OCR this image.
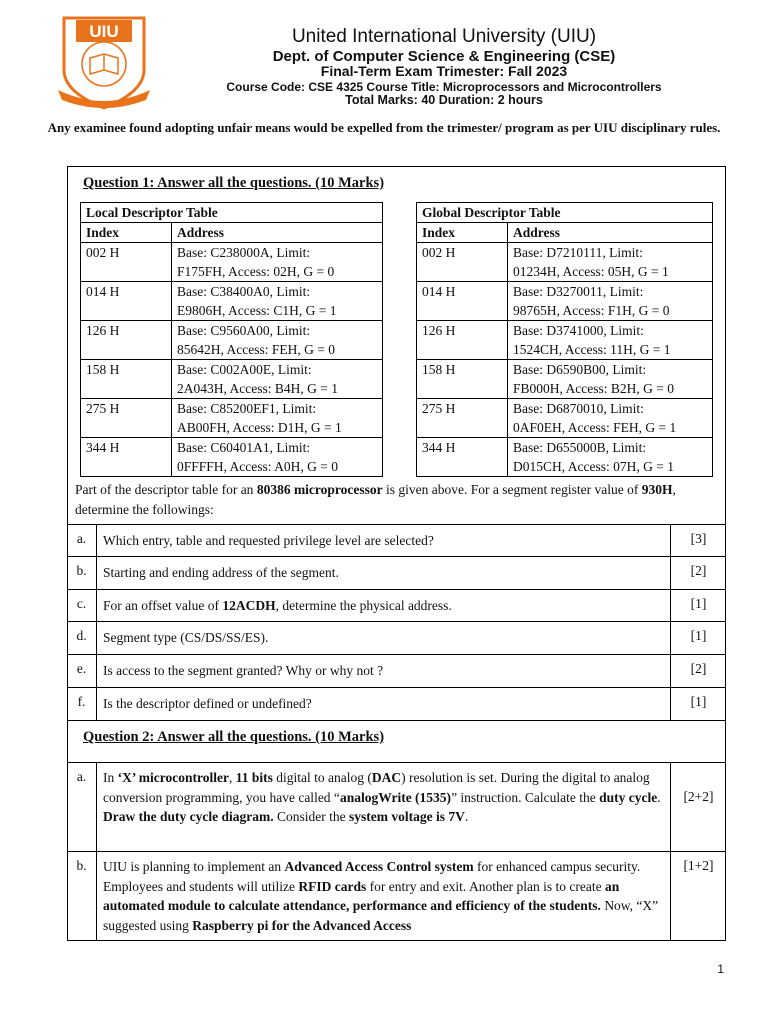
UIU	United International University (UIU)
Dept. of Computer Science & Engineering (CSE)
Final-Term Exam Trimester: Fall 2023
Course Code: CSE 4325 Course Title: Microprocessors and Microcontrollers
Total Marks: 40 Duration: 2 hours
Any examinee found adopting unfair means would be expelled from the trimester/ program as per UIU disciplinary rules.
Question 1: Answer all the questions. (10 Marks)
Local Descriptor Table	
Index	Address
002 H	Base: C238000A, Limit:
F175FH, Access: 02H, G = 0

014 H	Base: C38400A0, Limit:
E9806H, Access: C1H, G = 1

126 H	Base: C9560A00, Limit:
85642H, Access: FEH, G = 0

158 H	Base: C002A00E, Limit:
2A043H, Access: B4H, G = 1

275 H	Base: C85200EF1, Limit:
AB00FH, Access: D1H, G = 1

344 H	Base: C60401A1, Limit:
0FFFFH, Access: A0H, G = 0
Global Descriptor Table	
Index	Address
002 H	Base: D7210111, Limit:
01234H, Access: 05H, G = 1

014 H	Base: D3270011, Limit:
98765H, Access: F1H, G = 0

126 H	Base: D3741000, Limit:
1524CH, Access: 11H, G = 1

158 H	Base: D6590B00, Limit:
FB000H, Access: B2H, G = 0

275 H	Base: D6870010, Limit:
0AF0EH, Access: FEH, G = 1

344 H	Base: D655000B, Limit:
D015CH, Access: 07H, G = 1
Part of the descriptor table for an 80386 microprocessor is given above. For a segment register value of 930H, determine the followings:
a.	Which entry, table and requested privilege level are selected?	[3]
b.	Starting and ending address of the segment.	[2]
c.	For an offset value of 12ACDH, determine the physical address.	[1]
d.	Segment type (CS/DS/SS/ES).	[1]
e.	Is access to the segment granted? Why or why not ?	[2]
f.	Is the descriptor defined or undefined?	[1]
Question 2: Answer all the questions. (10 Marks)
a.	In ‘X’ microcontroller, 11 bits digital to analog (DAC) resolution is set. During the digital to analog conversion programming, you have called “analogWrite (1535)” instruction. Calculate the duty cycle. Draw the duty cycle diagram. Consider the system voltage is 7V.
[2+2]
b.	UIU is planning to implement an Advanced Access Control system for enhanced campus security. Employees and students will utilize RFID cards for entry and exit. Another plan is to create an automated module to calculate attendance, performance and efficiency of the students. Now, “X” suggested using Raspberry pi for the Advanced Access
[1+2]
1
